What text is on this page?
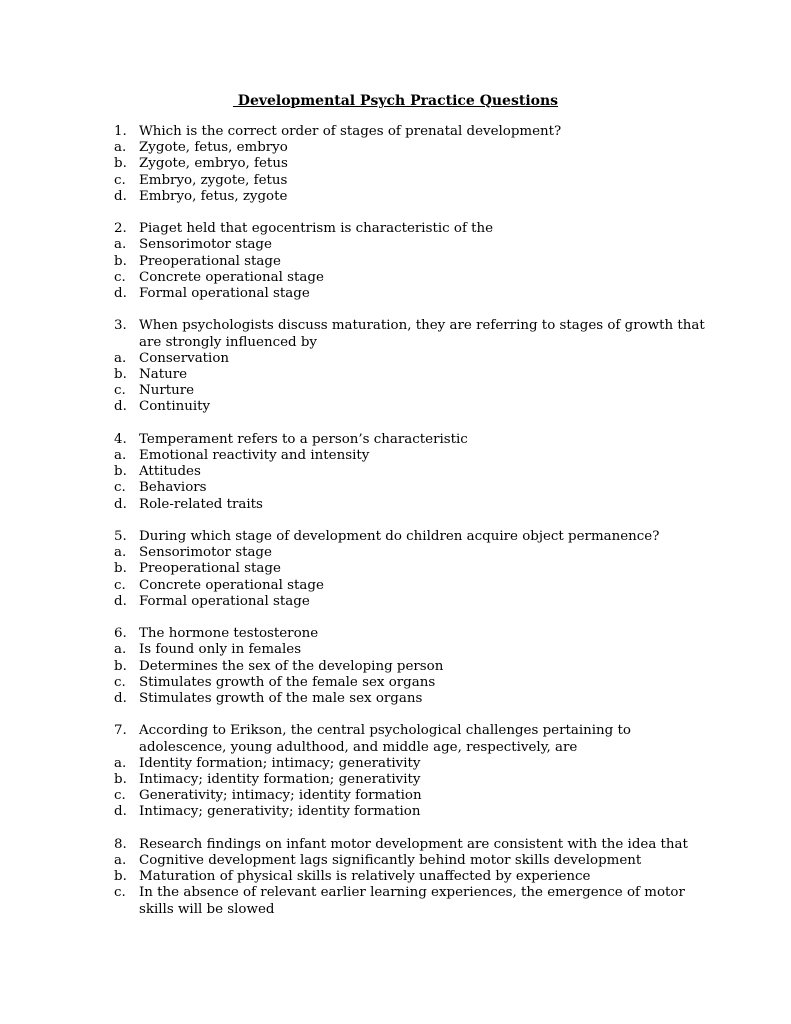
Developmental Psych Practice Questions
1. Which is the correct order of stages of prenatal development?
a. Zygote, fetus, embryo
b. Zygote, embryo, fetus
c. Embryo, zygote, fetus
d. Embryo, fetus, zygote
2. Piaget held that egocentrism is characteristic of the
a. Sensorimotor stage
b. Preoperational stage
c. Concrete operational stage
d. Formal operational stage
3. When psychologists discuss maturation, they are referring to stages of growth that are strongly influenced by
a. Conservation
b. Nature
c. Nurture
d. Continuity
4. Temperament refers to a person’s characteristic
a. Emotional reactivity and intensity
b. Attitudes
c. Behaviors
d. Role-related traits
5. During which stage of development do children acquire object permanence?
a. Sensorimotor stage
b. Preoperational stage
c. Concrete operational stage
d. Formal operational stage
6. The hormone testosterone
a. Is found only in females
b. Determines the sex of the developing person
c. Stimulates growth of the female sex organs
d. Stimulates growth of the male sex organs
7. According to Erikson, the central psychological challenges pertaining to adolescence, young adulthood, and middle age, respectively, are
a. Identity formation; intimacy; generativity
b. Intimacy; identity formation; generativity
c. Generativity; intimacy; identity formation
d. Intimacy; generativity; identity formation
8. Research findings on infant motor development are consistent with the idea that
a. Cognitive development lags significantly behind motor skills development
b. Maturation of physical skills is relatively unaffected by experience
c. In the absence of relevant earlier learning experiences, the emergence of motor skills will be slowed
